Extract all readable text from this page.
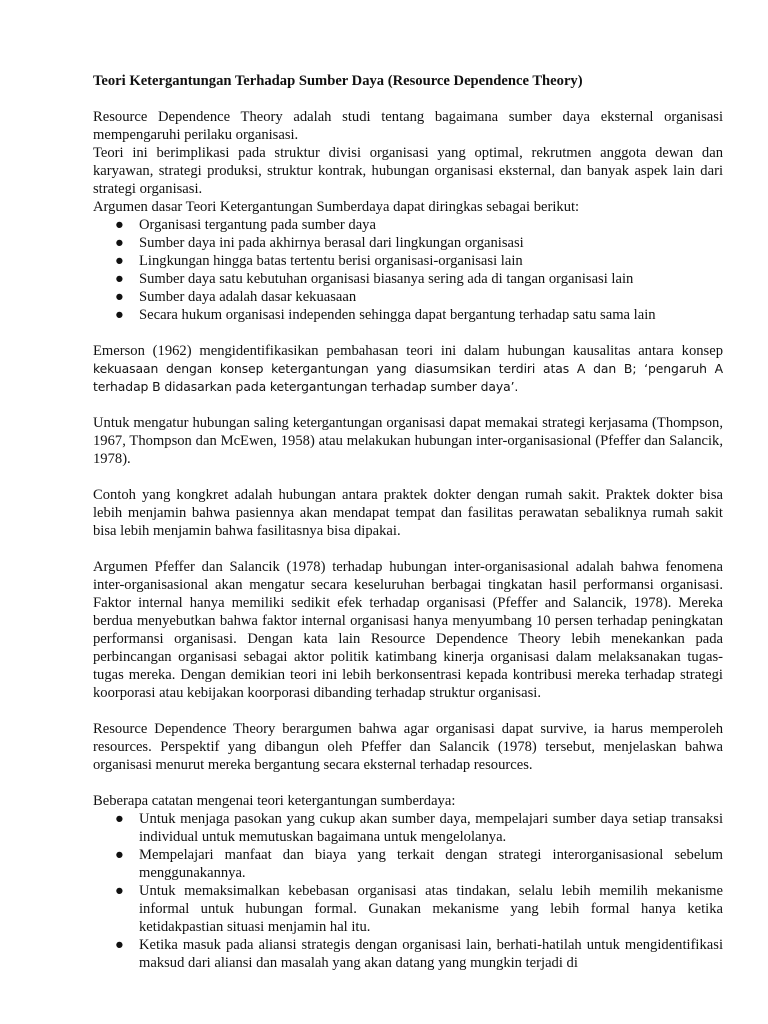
Teori Ketergantungan Terhadap Sumber Daya (Resource Dependence Theory)

Resource Dependence Theory adalah studi tentang bagaimana sumber daya eksternal organisasi mempengaruhi perilaku organisasi.

Teori ini berimplikasi pada struktur divisi organisasi yang optimal, rekrutmen anggota dewan dan karyawan, strategi produksi, struktur kontrak, hubungan organisasi eksternal, dan banyak aspek lain dari strategi organisasi.

Argumen dasar Teori Ketergantungan Sumberdaya dapat diringkas sebagai berikut:

● Organisasi tergantung pada sumber daya
● Sumber daya ini pada akhirnya berasal dari lingkungan organisasi
● Lingkungan hingga batas tertentu berisi organisasi-organisasi lain
● Sumber daya satu kebutuhan organisasi biasanya sering ada di tangan organisasi lain
● Sumber daya adalah dasar kekuasaan
● Secara hukum organisasi independen sehingga dapat bergantung terhadap satu sama lain

Emerson (1962) mengidentifikasikan pembahasan teori ini dalam hubungan kausalitas antara konsep kekuasaan dengan konsep ketergantungan yang diasumsikan terdiri atas A dan B; ‘pengaruh A terhadap B didasarkan pada ketergantungan terhadap sumber daya’.

Untuk mengatur hubungan saling ketergantungan organisasi dapat memakai strategi kerjasama (Thompson, 1967, Thompson dan McEwen, 1958) atau melakukan hubungan inter-organisasional (Pfeffer dan Salancik, 1978).

Contoh yang kongkret adalah hubungan antara praktek dokter dengan rumah sakit. Praktek dokter bisa lebih menjamin bahwa pasiennya akan mendapat tempat dan fasilitas perawatan sebaliknya rumah sakit bisa lebih menjamin bahwa fasilitasnya bisa dipakai.

Argumen Pfeffer dan Salancik (1978) terhadap hubungan inter-organisasional adalah bahwa fenomena inter-organisasional akan mengatur secara keseluruhan berbagai tingkatan hasil performansi organisasi. Faktor internal hanya memiliki sedikit efek terhadap organisasi (Pfeffer and Salancik, 1978). Mereka berdua menyebutkan bahwa faktor internal organisasi hanya menyumbang 10 persen terhadap peningkatan performansi organisasi. Dengan kata lain Resource Dependence Theory lebih menekankan pada perbincangan organisasi sebagai aktor politik katimbang kinerja organisasi dalam melaksanakan tugas-tugas mereka. Dengan demikian teori ini lebih berkonsentrasi kepada kontribusi mereka terhadap strategi koorporasi atau kebijakan koorporasi dibanding terhadap struktur organisasi.

Resource Dependence Theory berargumen bahwa agar organisasi dapat survive, ia harus memperoleh resources. Perspektif yang dibangun oleh Pfeffer dan Salancik (1978) tersebut, menjelaskan bahwa organisasi menurut mereka bergantung secara eksternal terhadap resources.

Beberapa catatan mengenai teori ketergantungan sumberdaya:

● Untuk menjaga pasokan yang cukup akan sumber daya, mempelajari sumber daya setiap transaksi individual untuk memutuskan bagaimana untuk mengelolanya.
● Mempelajari manfaat dan biaya yang terkait dengan strategi interorganisasional sebelum menggunakannya.
● Untuk memaksimalkan kebebasan organisasi atas tindakan, selalu lebih memilih mekanisme informal untuk hubungan formal. Gunakan mekanisme yang lebih formal hanya ketika ketidakpastian situasi menjamin hal itu.
● Ketika masuk pada aliansi strategis dengan organisasi lain, berhati-hatilah untuk mengidentifikasi maksud dari aliansi dan masalah yang akan datang yang mungkin terjadi di
